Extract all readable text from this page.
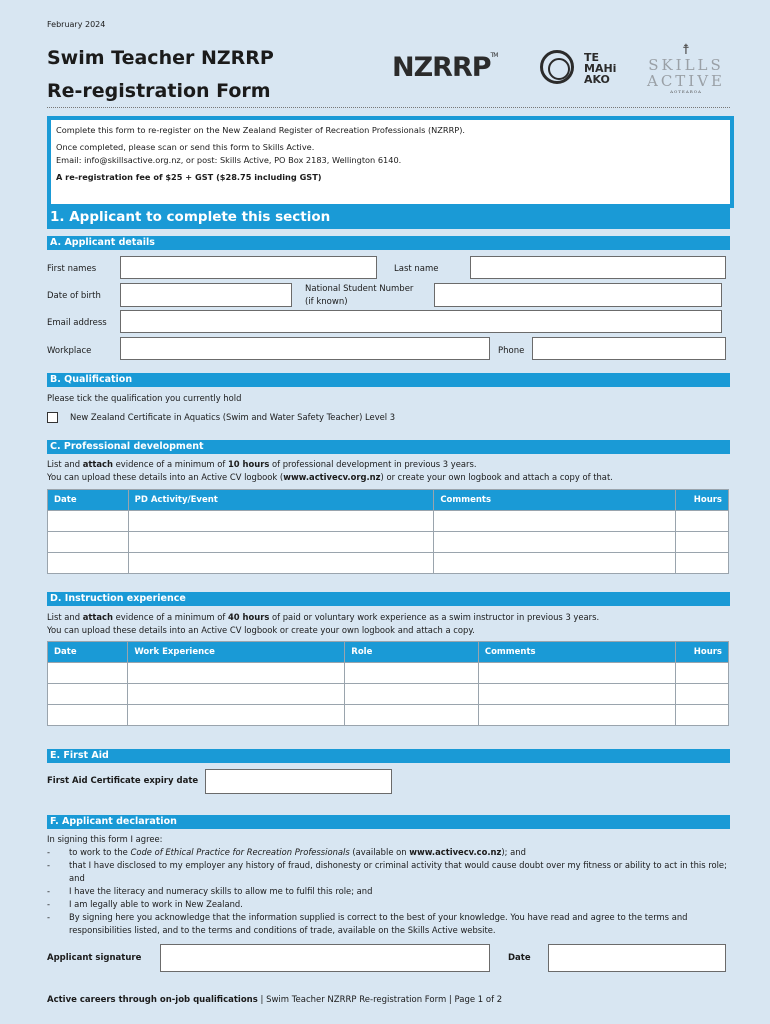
February 2024
Swim Teacher NZRRP
Re-registration Form
NZRRP™	TE
MAHi
AKO
☨
SKILLS
ACTIVE
AOTEAROA

Complete this form to re-register on the New Zealand Register of Recreation Professionals (NZRRP).

Once completed, please scan or send this form to Skills Active.

Email: info@skillsactive.org.nz, or post: Skills Active, PO Box 2183, Wellington 6140.

A re-registration fee of $25 + GST ($28.75 including GST)

1. Applicant to complete this section
A. Applicant details
First names	Last name
Date of birth
National Student Number
(if known)
Email address
Workplace	Phone
B. Qualification
Please tick the qualification you currently hold
New Zealand Certificate in Aquatics (Swim and Water Safety Teacher) Level 3
C. Professional development
List and attach evidence of a minimum of 10 hours of professional development in previous 3 years.
You can upload these details into an Active CV logbook (www.activecv.org.nz) or create your own logbook and attach a copy of that.
Date	PD Activity/Event	Comments	Hours

D. Instruction experience
List and attach evidence of a minimum of 40 hours of paid or voluntary work experience as a swim instructor in previous 3 years.
You can upload these details into an Active CV logbook or create your own logbook and attach a copy.
Date	Work Experience	Role	Comments	Hours

E. First Aid
First Aid Certificate expiry date
F. Applicant declaration
In signing this form I agree:
- to work to the Code of Ethical Practice for Recreation Professionals (available on www.activecv.co.nz); and
- that I have disclosed to my employer any history of fraud, dishonesty or criminal activity that would cause doubt over my fitness or ability to act in this role; and
- I have the literacy and numeracy skills to allow me to fulfil this role; and
- I am legally able to work in New Zealand.
- By signing here you acknowledge that the information supplied is correct to the best of your knowledge. You have read and agree to the terms and responsibilities listed, and to the terms and conditions of trade, available on the Skills Active website.
Applicant signature	Date
Active careers through on-job qualifications | Swim Teacher NZRRP Re-registration Form | Page 1 of 2
